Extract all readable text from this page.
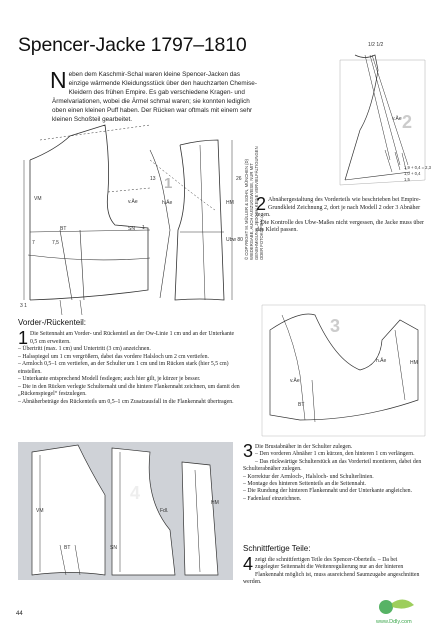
Spencer-Jacke 1797–1810
N eben dem Kaschmir-Schal waren kleine Spencer-Jacken das einzige wärmende Kleidungsstück über den hauchzarten Chemise-Kleidern des frühen Empire. Es gab verschiedene Kragen- und Ärmelvariationen, wobei die Ärmel schmal waren; sie konnten lediglich oben einen kleinen Puff haben. Der Rücken war oftmals mit einem sehr kleinen Schoßteil gearbeitet.
1
VM	v.Äe
SN
BT
h.Äe	HM
Ubw 80
7	7,5
13
1
26
3 1
© COPYRIGHT M. MÜLLER & SOHN, MÜNCHEN (D) WIEDERGABE, AUCH AUSZUGSWEISE, NUR MIT GENEHMIGUNG. JEDOCH KEINE VERVIELFÄLTIGUNGEN ODER FOTOKOPIEN.
2
1/2 1/2
v.Äe
1,9 + 0,4 = 2,3
1,0 + 0,4
1,5
2 Abnähergestaltung des Vorderteils wie beschrieben bei Empire-Grundkleid Zeichnung 2, dort je nach Modell 2 oder 3 Abnäher legen.

– Die Kontrolle des Ubw-Maßes nicht vergessen, die Jacke muss über das Kleid passen.

Vorder-/Rückenteil:
1 Die Seitennaht am Vorder- und Rückenteil an der Ow-Linie 1 cm und an der Unterkante 0,5 cm erweitern.

– Übertritt (max. 1 cm) und Untertritt (3 cm) anzeichnen.

– Halsspiegel um 1 cm vergrößern, dabei das vordere Halsloch um 2 cm vertiefen.

– Armloch 0,5–1 cm vertiefen, an der Schulter um 1 cm und im Rücken stark (hier 5,5 cm) einstellen.

– Unterkante entsprechend Modell festlegen; auch hier gilt, je kürzer je besser.

– Die in den Rücken verlegte Schulternaht und die hintere Flankennaht zeichnen, um damit den „Rückenspiegel“ festzulegen.

– Abnäherbeträge des Rückenteils um 0,5–1 cm Zusatzausfall in die Flankennaht übertragen.

3
v.Äe
h.Äe	HM
BT
4
VM
BT	SN
Fdl.
HM
3 Die Brustabnäher in der Schulter zulegen.

– Den vorderen Abnäher 1 cm kürzen, den hinteren 1 cm verlängern.

– Das rückwärtige Schulterstück an das Vorderteil montieren, dabei den Schulterabnäher zulegen.

– Korrektur der Armloch-, Halsloch- und Schulterlinien.

– Montage des hinteren Seitenteils an die Seitennaht.

– Die Rundung der hinteren Flankennaht und der Unterkante angleichen.

– Fadenlauf einzeichnen.

Schnittfertige Teile:
4 zeigt die schnittfertigen Teile des Spencer-Oberteils. – Da bei zugelegter Seitennaht die Weitenregulierung nur an der hinteren Flankennaht möglich ist, muss ausreichend Saumzugabe angeschnitten werden.

44
www.Ddly.com
